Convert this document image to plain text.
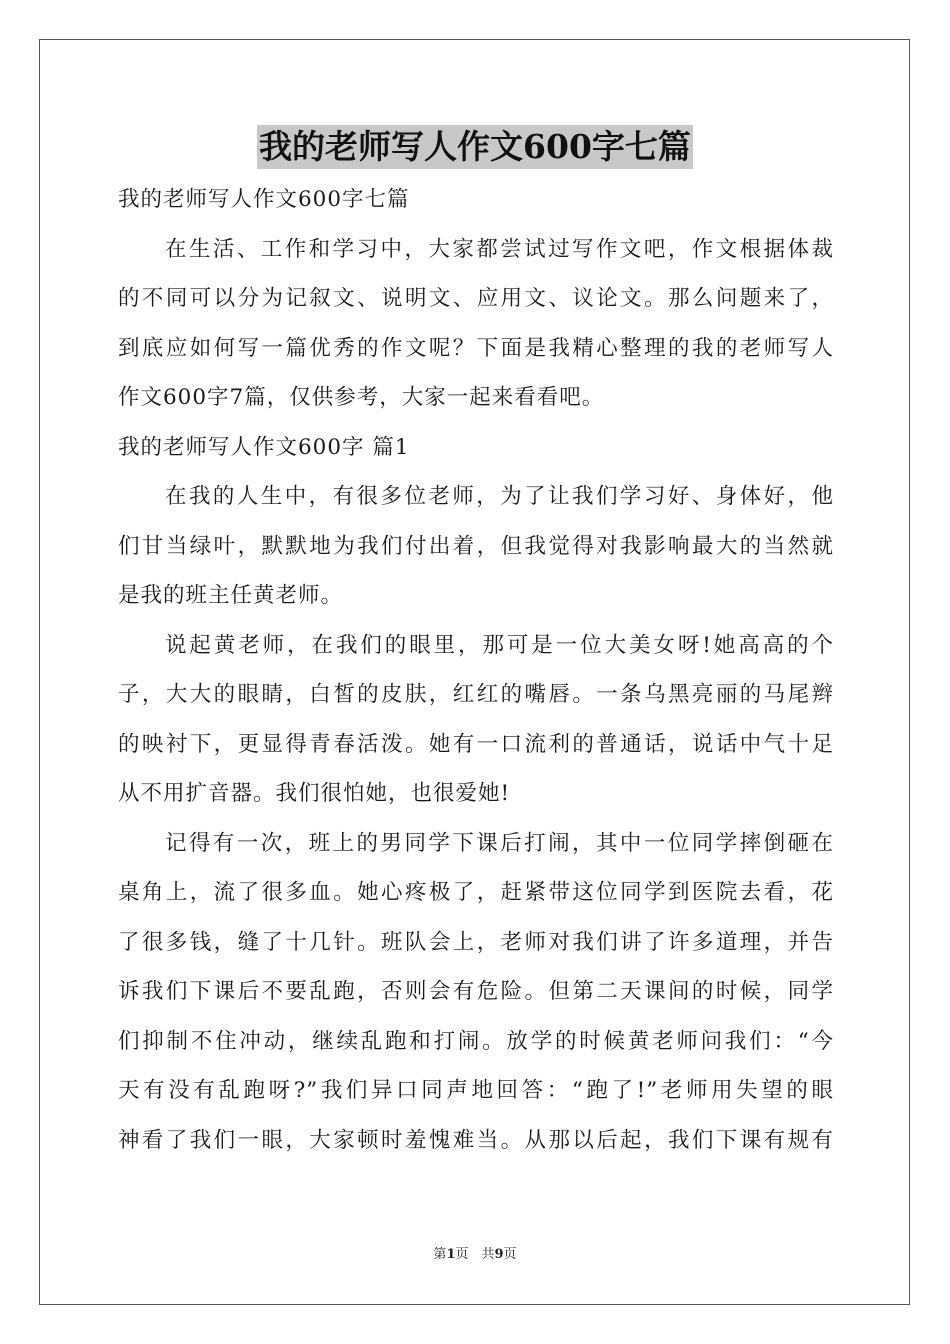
我的老师写人作文600字七篇
我的老师写人作文600字七篇
在生活、工作和学习中，大家都尝试过写作文吧，作文根据体裁
的不同可以分为记叙文、说明文、应用文、议论文。那么问题来了，
到底应如何写一篇优秀的作文呢？下面是我精心整理的我的老师写人
作文600字7篇，仅供参考，大家一起来看看吧。
我的老师写人作文600字 篇1
在我的人生中，有很多位老师，为了让我们学习好、身体好，他
们甘当绿叶，默默地为我们付出着，但我觉得对我影响最大的当然就
是我的班主任黄老师。
说起黄老师，在我们的眼里，那可是一位大美女呀!她高高的个
子，大大的眼睛，白皙的皮肤，红红的嘴唇。一条乌黑亮丽的马尾辫
的映衬下，更显得青春活泼。她有一口流利的普通话，说话中气十足
从不用扩音器。我们很怕她，也很爱她!
记得有一次，班上的男同学下课后打闹，其中一位同学摔倒砸在
桌角上，流了很多血。她心疼极了，赶紧带这位同学到医院去看，花
了很多钱，缝了十几针。班队会上，老师对我们讲了许多道理，并告
诉我们下课后不要乱跑，否则会有危险。但第二天课间的时候，同学
们抑制不住冲动，继续乱跑和打闹。放学的时候黄老师问我们：“今
天有没有乱跑呀?”我们异口同声地回答：“跑了!”老师用失望的眼
神看了我们一眼，大家顿时羞愧难当。从那以后起，我们下课有规有
第1页　共9页
